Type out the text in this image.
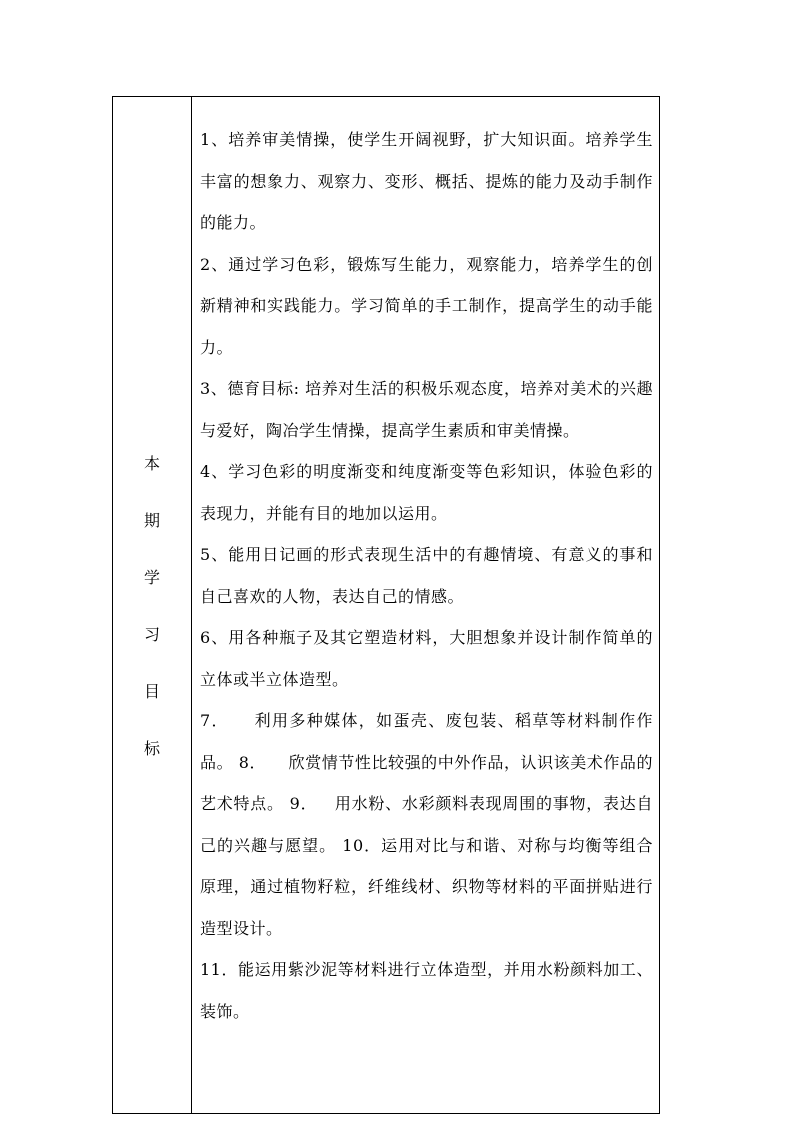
本
期
学
习
目
标

1、培养审美情操，使学生开阔视野，扩大知识面。培养学生丰富的想象力、观察力、变形、概括、提炼的能力及动手制作的能力。

2、通过学习色彩，锻炼写生能力，观察能力，培养学生的创新精神和实践能力。学习简单的手工制作，提高学生的动手能力。

3、德育目标: 培养对生活的积极乐观态度，培养对美术的兴趣与爱好，陶冶学生情操，提高学生素质和审美情操。

4、学习色彩的明度渐变和纯度渐变等色彩知识，体验色彩的表现力，并能有目的地加以运用。

5、能用日记画的形式表现生活中的有趣情境、有意义的事和自己喜欢的人物，表达自己的情感。

6、用各种瓶子及其它塑造材料，大胆想象并设计制作简单的立体或半立体造型。

7．    利用多种媒体，如蛋壳、废包装、稻草等材料制作作品。 8．    欣赏情节性比较强的中外作品，认识该美术作品的艺术特点。 9．   用水粉、水彩颜料表现周围的事物，表达自己的兴趣与愿望。 10．运用对比与和谐、对称与均衡等组合原理，通过植物籽粒，纤维线材、织物等材料的平面拼贴进行造型设计。

11．能运用紫沙泥等材料进行立体造型，并用水粉颜料加工、装饰。
